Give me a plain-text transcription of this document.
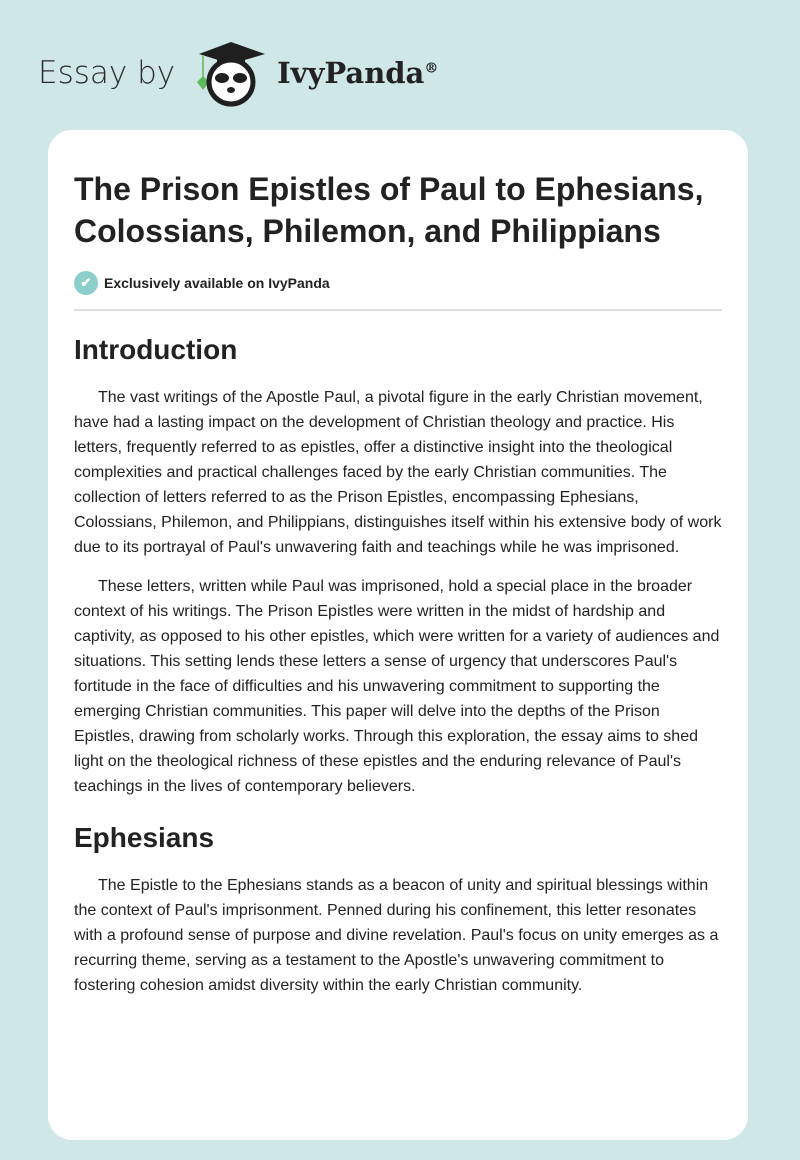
Essay by	IvyPanda®
The Prison Epistles of Paul to Ephesians, Colossians, Philemon, and Philippians
✔ Exclusively available on IvyPanda
Introduction

The vast writings of the Apostle Paul, a pivotal figure in the early Christian movement, have had a lasting impact on the development of Christian theology and practice. His letters, frequently referred to as epistles, offer a distinctive insight into the theological complexities and practical challenges faced by the early Christian communities. The collection of letters referred to as the Prison Epistles, encompassing Ephesians, Colossians, Philemon, and Philippians, distinguishes itself within his extensive body of work due to its portrayal of Paul's unwavering faith and teachings while he was imprisoned.

These letters, written while Paul was imprisoned, hold a special place in the broader context of his writings. The Prison Epistles were written in the midst of hardship and captivity, as opposed to his other epistles, which were written for a variety of audiences and situations. This setting lends these letters a sense of urgency that underscores Paul's fortitude in the face of difficulties and his unwavering commitment to supporting the emerging Christian communities. This paper will delve into the depths of the Prison Epistles, drawing from scholarly works. Through this exploration, the essay aims to shed light on the theological richness of these epistles and the enduring relevance of Paul's teachings in the lives of contemporary believers.

Ephesians

The Epistle to the Ephesians stands as a beacon of unity and spiritual blessings within the context of Paul's imprisonment. Penned during his confinement, this letter resonates with a profound sense of purpose and divine revelation. Paul's focus on unity emerges as a recurring theme, serving as a testament to the Apostle's unwavering commitment to fostering cohesion amidst diversity within the early Christian community.
